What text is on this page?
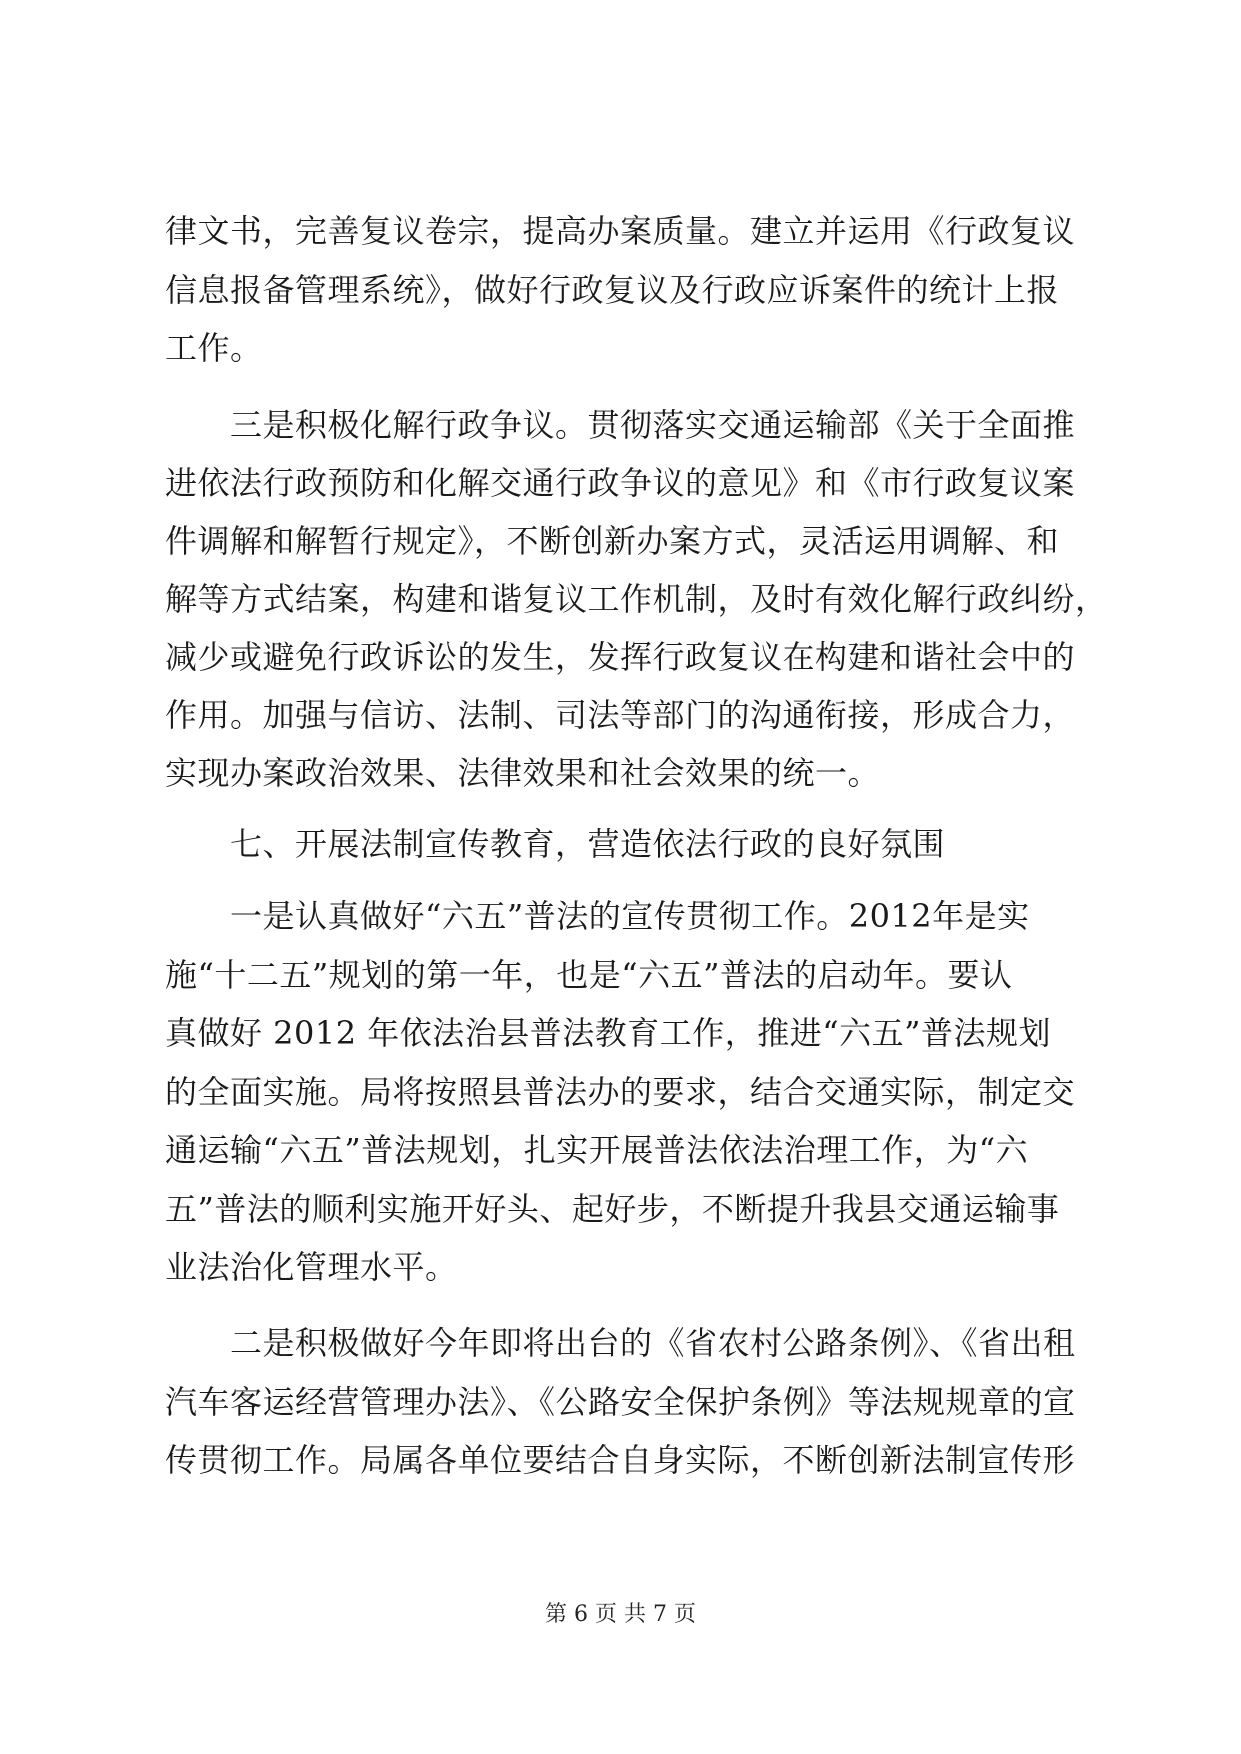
律文书，完善复议卷宗，提高办案质量。建立并运用《行政复议
信息报备管理系统》，做好行政复议及行政应诉案件的统计上报
工作。
　　三是积极化解行政争议。贯彻落实交通运输部《关于全面推
进依法行政预防和化解交通行政争议的意见》和《市行政复议案
件调解和解暂行规定》，不断创新办案方式，灵活运用调解、和
解等方式结案，构建和谐复议工作机制，及时有效化解行政纠纷，
减少或避免行政诉讼的发生，发挥行政复议在构建和谐社会中的
作用。加强与信访、法制、司法等部门的沟通衔接，形成合力，
实现办案政治效果、法律效果和社会效果的统一。
　　七、开展法制宣传教育，营造依法行政的良好氛围
　　一是认真做好“六五”普法的宣传贯彻工作。2012年是实
施“十二五”规划的第一年，也是“六五”普法的启动年。要认
真做好 2012 年依法治县普法教育工作，推进“六五”普法规划
的全面实施。局将按照县普法办的要求，结合交通实际，制定交
通运输“六五”普法规划，扎实开展普法依法治理工作，为“六
五”普法的顺利实施开好头、起好步，不断提升我县交通运输事
业法治化管理水平。
　　二是积极做好今年即将出台的《省农村公路条例》、《省出租
汽车客运经营管理办法》、《公路安全保护条例》等法规规章的宣
传贯彻工作。局属各单位要结合自身实际，不断创新法制宣传形
第 6 页 共 7 页
